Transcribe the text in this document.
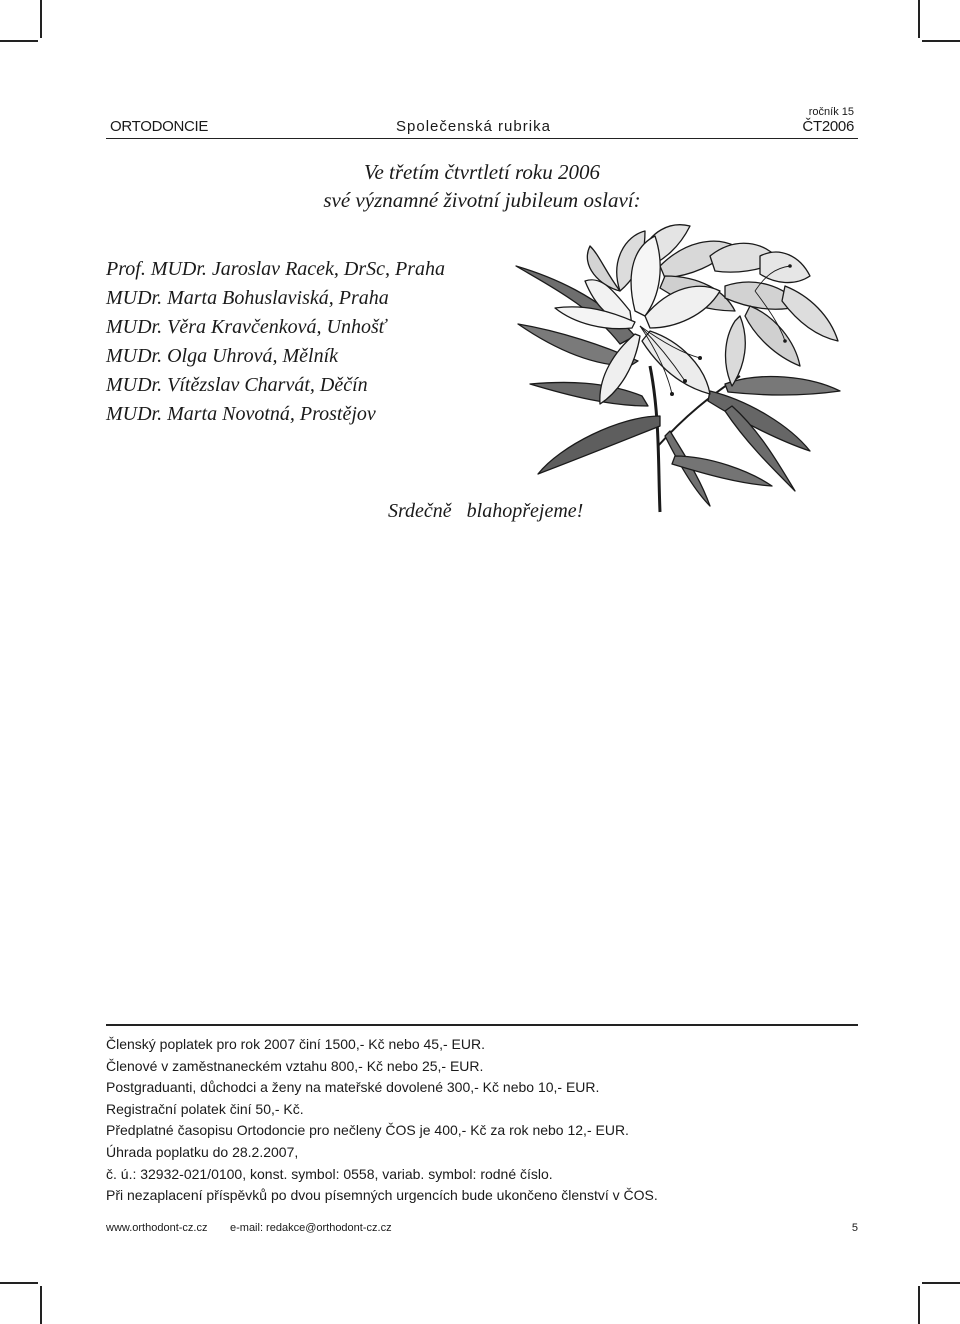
ORTODONCIE	Společenská rubrika
ročník 15
ČT2006
Ve třetím čtvrtletí roku 2006
své významné životní jubileum oslaví:
Prof. MUDr. Jaroslav Racek, DrSc, Praha
MUDr. Marta Bohuslaviská, Praha
MUDr. Věra Kravčenková, Unhošť
MUDr. Olga Uhrová, Mělník
MUDr. Vítězslav Charvát, Děčín
MUDr. Marta Novotná, Prostějov
Srdečně   blahopřejeme!
Členský poplatek pro rok 2007 činí 1500,- Kč nebo 45,- EUR.
Členové v zaměstnaneckém vztahu 800,- Kč nebo 25,- EUR.
Postgraduanti, důchodci a ženy na mateřské dovolené 300,- Kč nebo 10,- EUR.
Registrační polatek činí 50,- Kč.
Předplatné časopisu Ortodoncie pro nečleny ČOS je 400,- Kč za rok nebo 12,- EUR.
Úhrada poplatku do 28.2.2007,
č. ú.: 32932-021/0100, konst. symbol: 0558, variab. symbol: rodné číslo.
Při nezaplacení příspěvků po dvou písemných urgencích bude ukončeno členství v ČOS.
www.orthodont-cz.cz e-mail: redakce@orthodont-cz.cz	5
